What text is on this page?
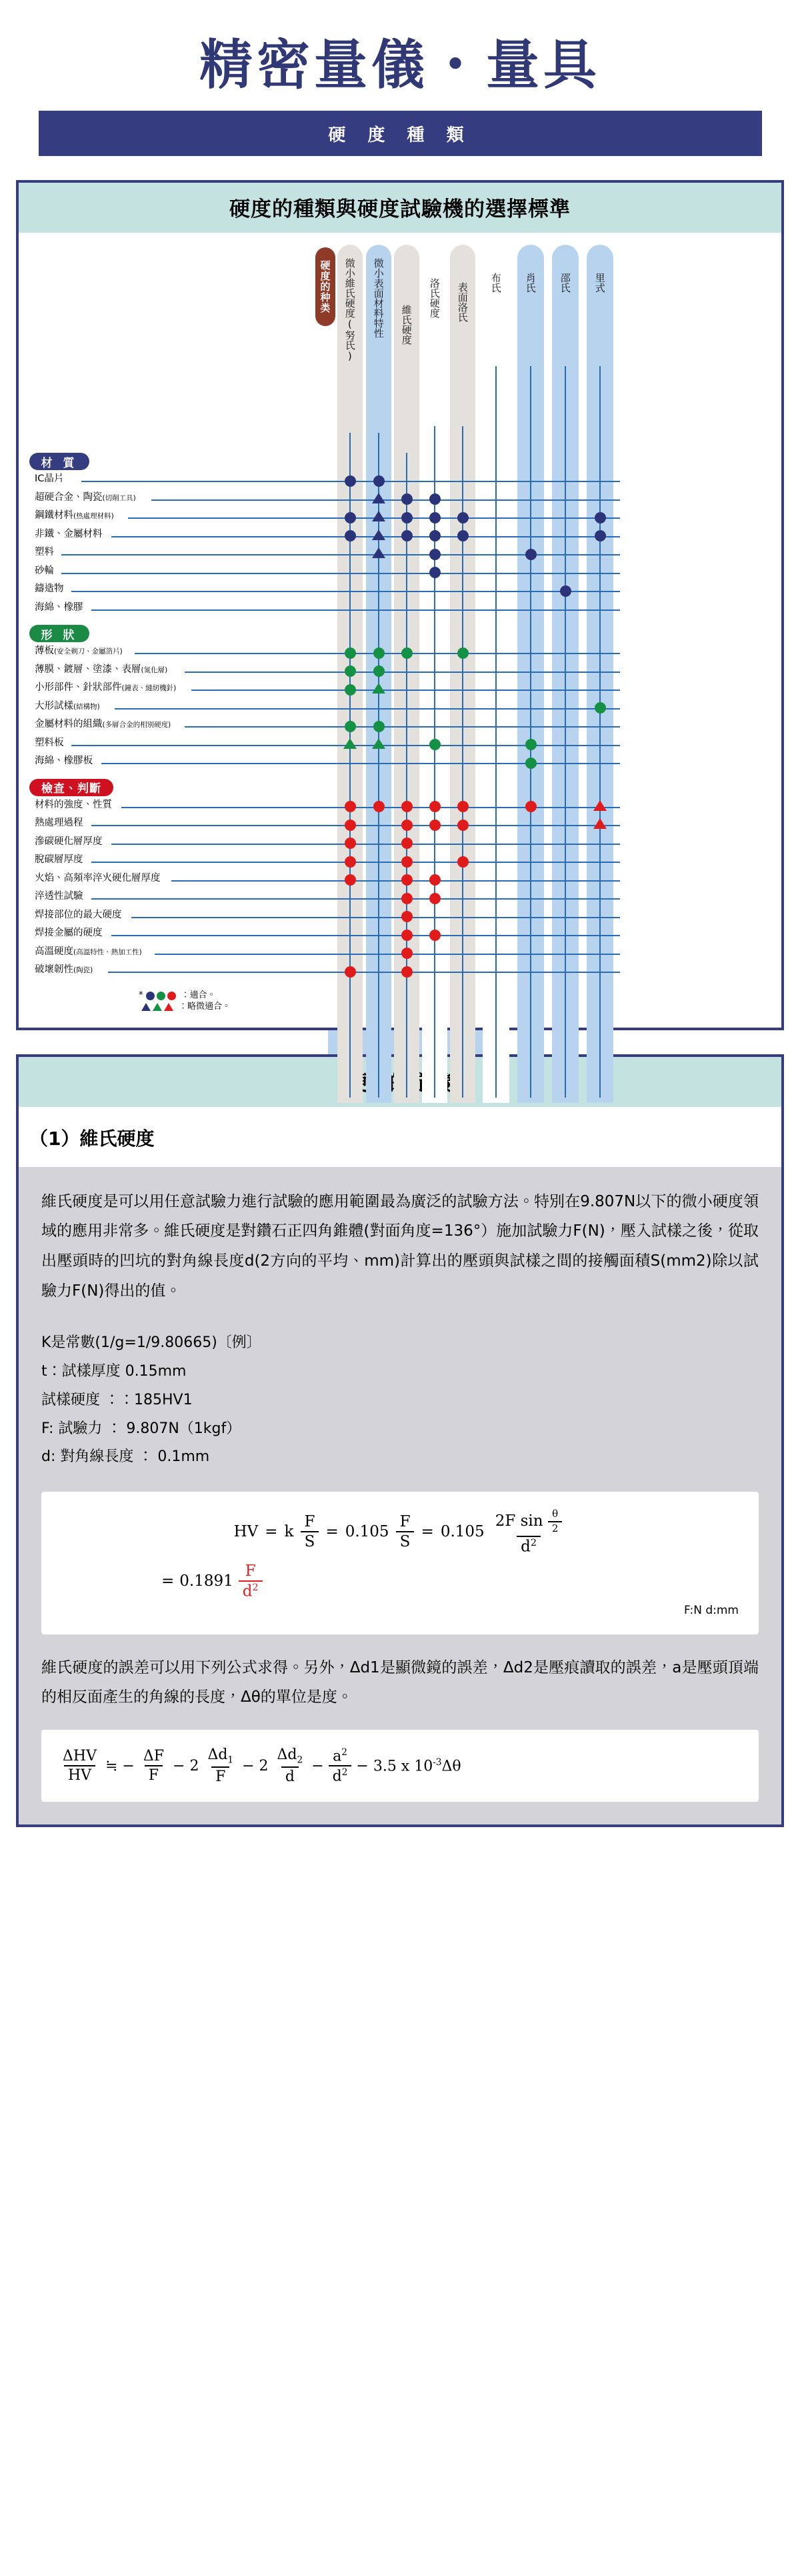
精密量儀・量具
硬 度 種 類
硬度的種類與硬度試驗機的選擇標準
硬度的种类	微小維氏硬度(努氏) 微小表面材料特性 維氏硬度
洛氏硬度 表面洛氏 布氏 肖氏 邵氏 里式
材 質
IC晶片
超硬合金、陶瓷(切削工具)
鋼鐵材料(热處理材料)
非鐵、金屬材料
塑料
砂輪
鑄造物
海綿、橡膠
形 狀
薄板(安全剃刀、金屬箔片)
薄膜、鍍層、塗漆、表層(氮化層)
小形部件、針狀部件(鐘表、縫紉機針)
大形試樣(結構物)
金屬材料的組織(多層合金的相別硬度)
塑料板
海綿、橡膠板
檢查、判斷
材料的強度、性質
熱處理過程
滲碳硬化層厚度
脫碳層厚度
火焰、高頻率淬火硬化層厚度
淬透性試驗
焊接部位的最大硬度
焊接金屬的硬度
高溫硬度(高溫特性、熱加工性)
破壞韌性(陶瓷)
*	：適合。
：略微適合。
（1）維氏硬度
維氏硬度是可以用任意試驗力進行試驗的應用範圍最為廣泛的試驗方法。特別在9.807N以下的微小硬度領域的應用非常多。維氏硬度是對鑽石正四角錐體(對面角度=136°）施加試驗力F(N)，壓入試樣之後，從取出壓頭時的凹坑的對角線長度d(2方向的平均、mm)計算出的壓頭與試樣之間的接觸面積S(mm2)除以試驗力F(N)得出的值。
K是常數(1/g=1/9.80665)〔例〕
t：試樣厚度 0.15mm
試樣硬度 ：：185HV1
F: 試驗力 ： 9.807N（1kgf）
d: 對角線長度 ： 0.1mm
HV = k $\frac{F}{S} = 0.105 \frac{F}{S} = 0.105 \frac{2F \sin \frac{\theta}{2}}{d^2}$
= $0.1891 \frac{F}{d^2}$
F:N d:mm
維氏硬度的誤差可以用下列公式求得。另外，Δd1是顯微鏡的誤差，Δd2是壓痕讀取的誤差，a是壓頭頂端的相反面產生的角線的長度，Δθ的單位是度。
$\frac{\text{ΔHV}}{HV}$ ≒ − $\frac{\Delta F}{F} - 2 \frac{\Delta d_1}{F} - 2 \frac{\Delta d_2}{d} - \frac{a^2}{d^2} - 3.5$ x $10^{-3}\Delta\theta$
